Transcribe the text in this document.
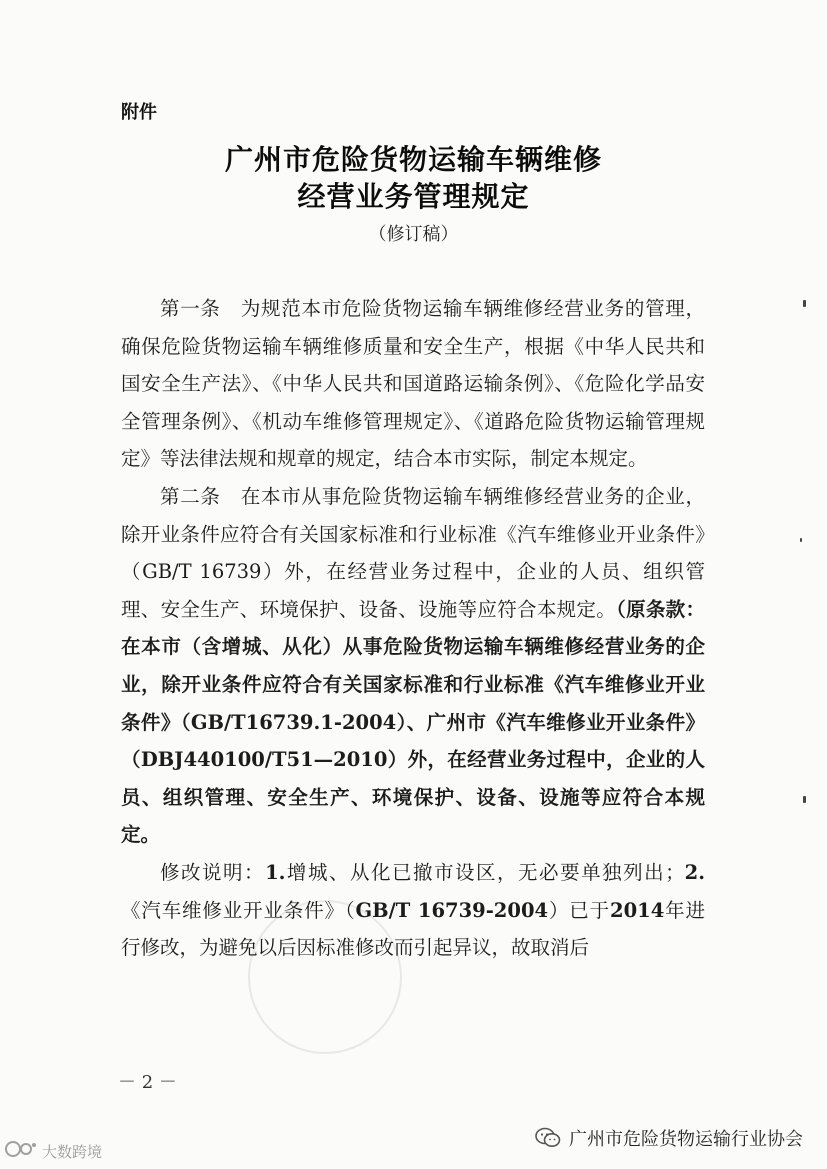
附件
广州市危险货物运输车辆维修
经营业务管理规定
（修订稿）

第一条　为规范本市危险货物运输车辆维修经营业务的管理，确保危险货物运输车辆维修质量和安全生产，根据《中华人民共和国安全生产法》、《中华人民共和国道路运输条例》、《危险化学品安全管理条例》、《机动车维修管理规定》、《道路危险货物运输管理规定》等法律法规和规章的规定，结合本市实际，制定本规定。

第二条　在本市从事危险货物运输车辆维修经营业务的企业，除开业条件应符合有关国家标准和行业标准《汽车维修业开业条件》（GB/T 16739）外，在经营业务过程中，企业的人员、组织管理、安全生产、环境保护、设备、设施等应符合本规定。（原条款：在本市（含增城、从化）从事危险货物运输车辆维修经营业务的企业，除开业条件应符合有关国家标准和行业标准《汽车维修业开业条件》（GB/T16739.1-2004）、广州市《汽车维修业开业条件》（DBJ440100/T51—2010）外，在经营业务过程中，企业的人员、组织管理、安全生产、环境保护、设备、设施等应符合本规定。

修改说明：1.增城、从化已撤市设区，无必要单独列出；2.《汽车维修业开业条件》（GB/T 16739-2004）已于2014年进行修改，为避免以后因标准修改而引起异议，故取消后

－ 2 －
大数跨境
广州市危险货物运输行业协会
